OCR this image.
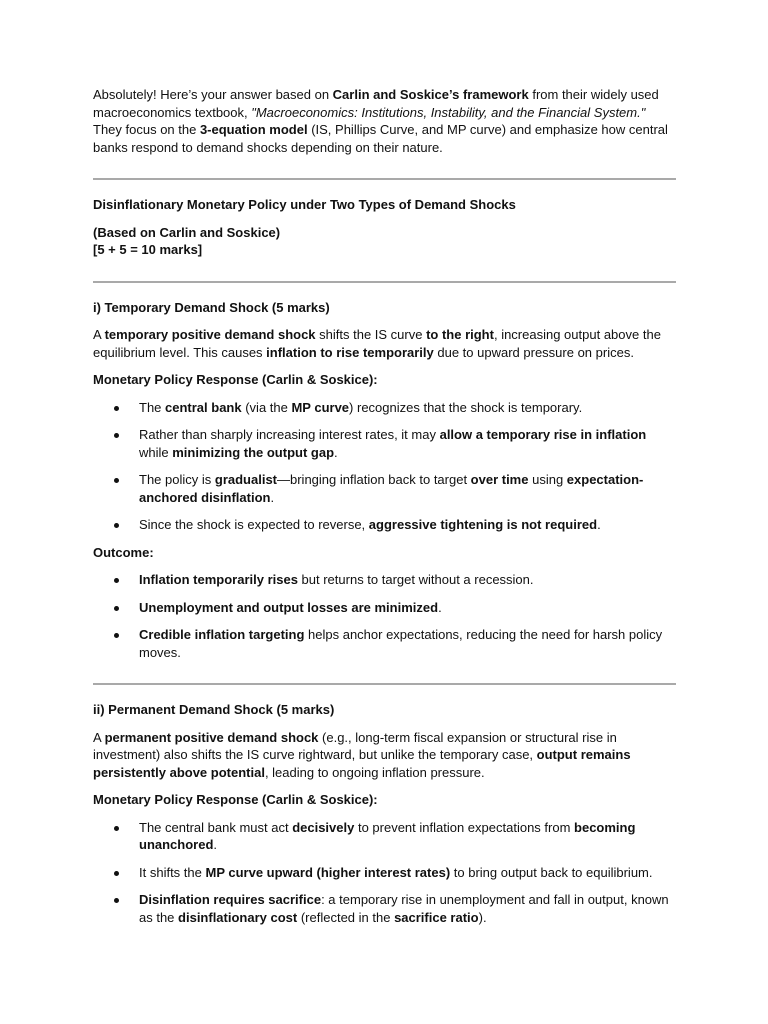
Absolutely! Here’s your answer based on Carlin and Soskice’s framework from their widely used macroeconomics textbook, "Macroeconomics: Institutions, Instability, and the Financial System." They focus on the 3-equation model (IS, Phillips Curve, and MP curve) and emphasize how central banks respond to demand shocks depending on their nature.

Disinflationary Monetary Policy under Two Types of Demand Shocks

(Based on Carlin and Soskice)

[5 + 5 = 10 marks]

i) Temporary Demand Shock (5 marks)

A temporary positive demand shock shifts the IS curve to the right, increasing output above the equilibrium level. This causes inflation to rise temporarily due to upward pressure on prices.

Monetary Policy Response (Carlin & Soskice):

The central bank (via the MP curve) recognizes that the shock is temporary.
Rather than sharply increasing interest rates, it may allow a temporary rise in inflation while minimizing the output gap.
The policy is gradualist—bringing inflation back to target over time using expectation-anchored disinflation.
Since the shock is expected to reverse, aggressive tightening is not required.

Outcome:

Inflation temporarily rises but returns to target without a recession.
Unemployment and output losses are minimized.
Credible inflation targeting helps anchor expectations, reducing the need for harsh policy moves.

ii) Permanent Demand Shock (5 marks)

A permanent positive demand shock (e.g., long-term fiscal expansion or structural rise in investment) also shifts the IS curve rightward, but unlike the temporary case, output remains persistently above potential, leading to ongoing inflation pressure.

Monetary Policy Response (Carlin & Soskice):

The central bank must act decisively to prevent inflation expectations from becoming unanchored.
It shifts the MP curve upward (higher interest rates) to bring output back to equilibrium.
Disinflation requires sacrifice: a temporary rise in unemployment and fall in output, known as the disinflationary cost (reflected in the sacrifice ratio).
